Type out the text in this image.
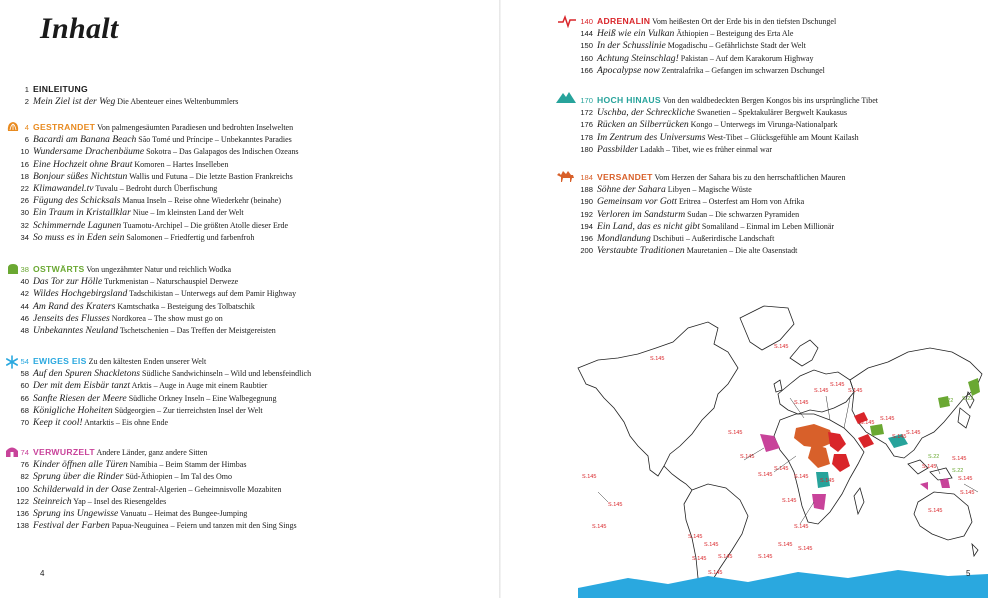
Inhalt
1 EINLEITUNG
2 Mein Ziel ist der Weg Die Abenteuer eines Weltenbummlers
4 GESTRANDET Von palmengesäumten Paradiesen und bedrohten Inselwelten
6 Bacardi am Banana Beach São Tomé und Príncipe – Unbekanntes Paradies
10 Wundersame Drachenbäume Sokotra – Das Galapagos des Indischen Ozeans
16 Eine Hochzeit ohne Braut Komoren – Hartes Inselleben
18 Bonjour süßes Nichtstun Wallis und Futuna – Die letzte Bastion Frankreichs
22 Klimawandel.tv Tuvalu – Bedroht durch Überfischung
26 Fügung des Schicksals Manua Inseln – Reise ohne Wiederkehr (beinahe)
30 Ein Traum in Kristallklar Niue – Im kleinsten Land der Welt
32 Schimmernde Lagunen Tuamotu-Archipel – Die größten Atolle dieser Erde
34 So muss es in Eden sein Salomonen – Friedfertig und farbenfroh
38 OSTWÄRTS Von ungezähmter Natur und reichlich Wodka
40 Das Tor zur Hölle Turkmenistan – Naturschauspiel Derweze
42 Wildes Hochgebirgsland Tadschikistan – Unterwegs auf dem Pamir Highway
44 Am Rand des Kraters Kamtschatka – Besteigung des Tolbatschik
46 Jenseits des Flusses Nordkorea – The show must go on
48 Unbekanntes Neuland Tschetschenien – Das Treffen der Meistgereisten
54 EWIGES EIS Zu den kältesten Enden unserer Welt
58 Auf den Spuren Shackletons Südliche Sandwichinseln – Wild und lebensfeindlich
60 Der mit dem Eisbär tanzt Arktis – Auge in Auge mit einem Raubtier
66 Sanfte Riesen der Meere Südliche Orkney Inseln – Eine Walbegegnung
68 Königliche Hoheiten Südgeorgien – Zur tierreichsten Insel der Welt
70 Keep it cool! Antarktis – Eis ohne Ende
74 VERWURZELT Andere Länder, ganz andere Sitten
76 Kinder öffnen alle Türen Namibia – Beim Stamm der Himbas
82 Sprung über die Rinder Süd-Äthiopien – Im Tal des Omo
100 Schilderwald in der Oase Zentral-Algerien – Geheimnisvolle Mozabiten
122 Steinreich Yap – Insel des Riesengeldes
136 Sprung ins Ungewisse Vanuatu – Heimat des Bungee-Jumping
138 Festival der Farben Papua-Neuguinea – Feiern und tanzen mit den Sing Sings
4
140 ADRENALIN Vom heißesten Ort der Erde bis in den tiefsten Dschungel
144 Heiß wie ein Vulkan Äthiopien – Besteigung des Erta Ale
150 In der Schusslinie Mogadischu – Gefährlichste Stadt der Welt
160 Achtung Steinschlag! Pakistan – Auf dem Karakorum Highway
166 Apocalypse now Zentralafrika – Gefangen im schwarzen Dschungel
170 HOCH HINAUS Von den waldbedeckten Bergen Kongos bis ins ursprüngliche Tibet
172 Uschba, der Schreckliche Swanetien – Spektakulärer Bergwelt Kaukasus
176 Rücken an Silberrücken Kongo – Unterwegs im Virunga-Nationalpark
178 Im Zentrum des Universums West-Tibet – Glücksgefühle am Mount Kailash
180 Passbilder Ladakh – Tibet, wie es früher einmal war
184 VERSANDET Vom Herzen der Sahara bis zu den herrschaftlichen Mauren
188 Söhne der Sahara Libyen – Magische Wüste
190 Gemeinsam vor Gott Eritrea – Osterfest am Horn von Afrika
192 Verloren im Sandsturm Sudan – Die schwarzen Pyramiden
194 Ein Land, das es nicht gibt Somaliland – Einmal im Leben Millionär
196 Mondlandung Dschibuti – Außerirdische Landschaft
200 Verstaubte Traditionen Mauretanien – Die alte Oasenstadt
S.145
S.145
S.145
S.145
S.145
S.145
S.145
S.145
S.145
S.145
S.145
S.145
S.145
S.145
S.145
S.145
S.145
S.145
S.145
S.145
S.145
S.145
S.145
S.145
S.145
S.145
S.145
S.145
S.145
S.145
S.145
S.145
S.145
S.145
S.22
S.22
S.22
S.22
5
